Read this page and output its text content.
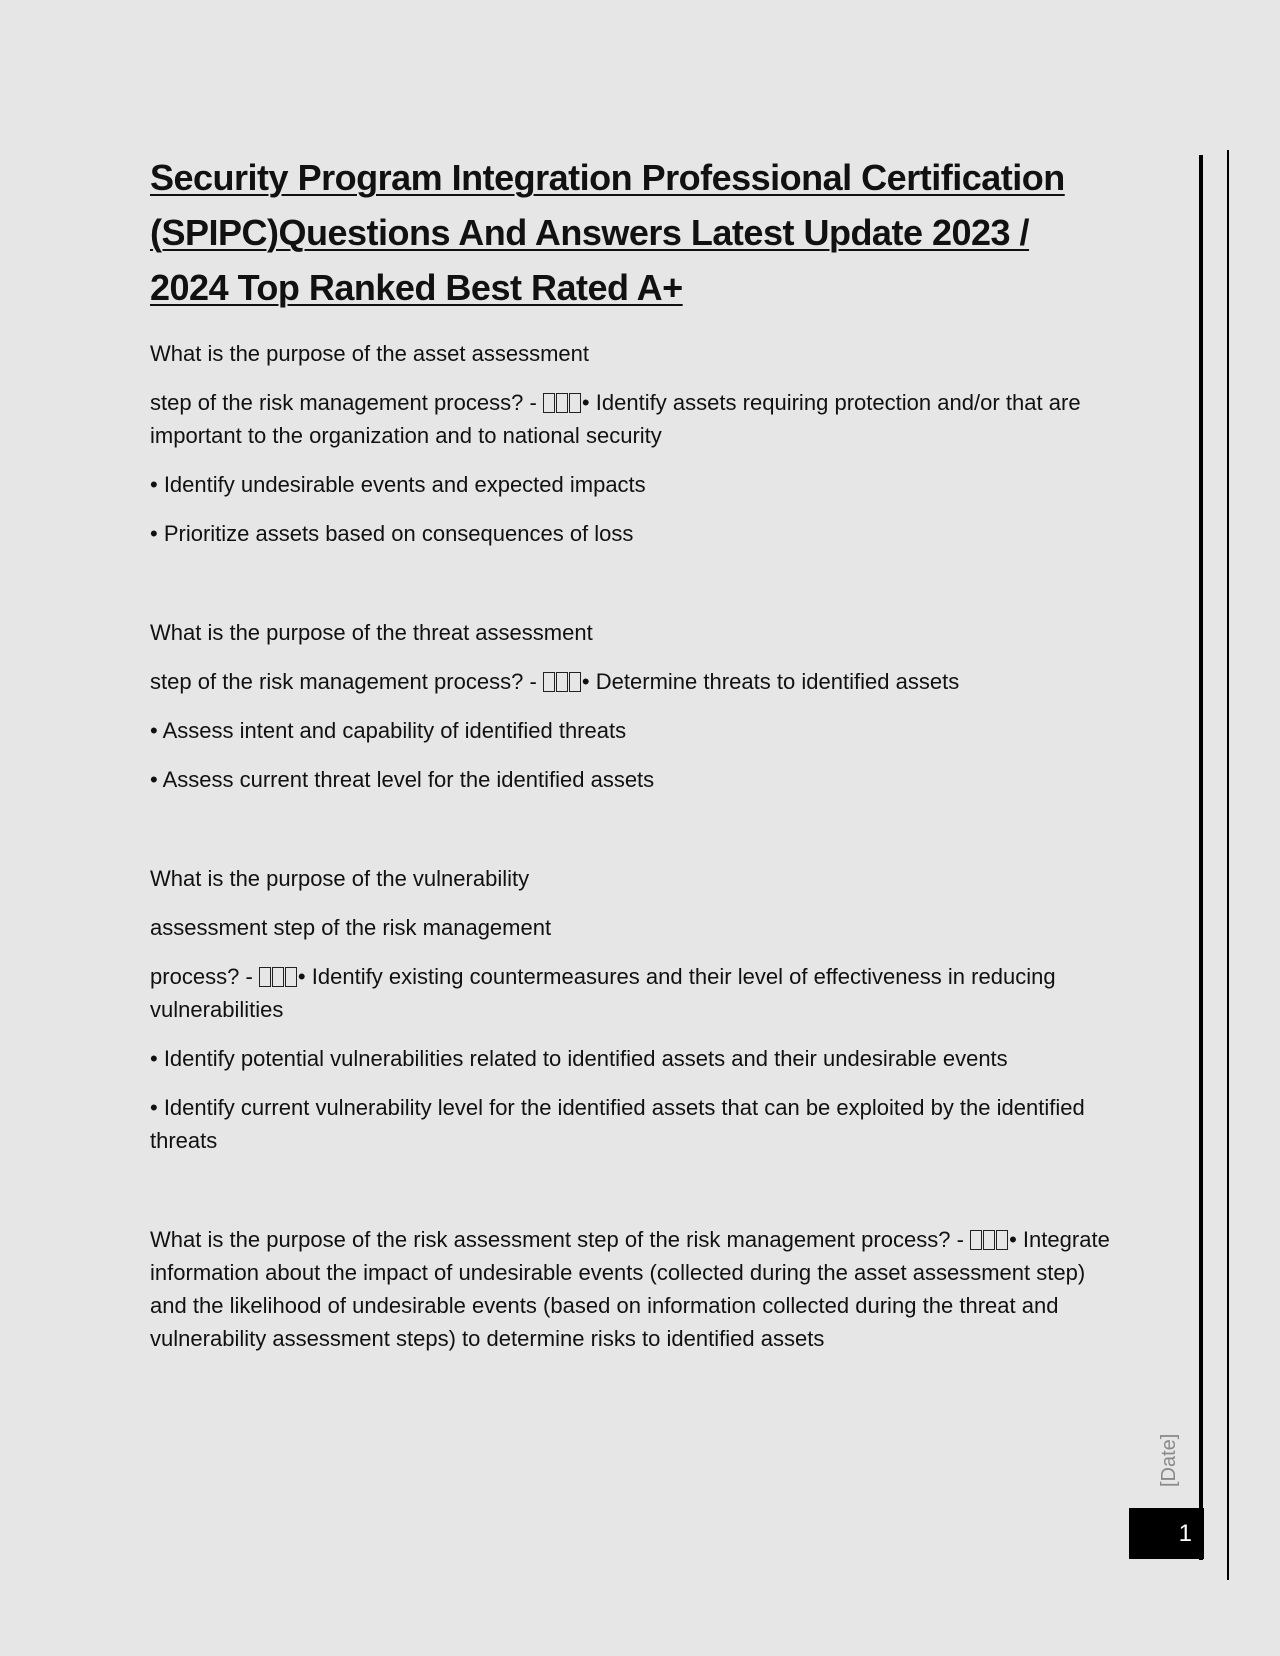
Security Program Integration Professional Certification
(SPIPC)Questions And Answers Latest Update 2023 /
2024 Top Ranked Best Rated A+

What is the purpose of the asset assessment

step of the risk management process? - • Identify assets requiring protection and/or that are important to the organization and to national security

• Identify undesirable events and expected impacts

• Prioritize assets based on consequences of loss

What is the purpose of the threat assessment

step of the risk management process? - • Determine threats to identified assets

• Assess intent and capability of identified threats

• Assess current threat level for the identified assets

What is the purpose of the vulnerability

assessment step of the risk management

process? - • Identify existing countermeasures and their level of effectiveness in reducing vulnerabilities

• Identify potential vulnerabilities related to identified assets and their undesirable events

• Identify current vulnerability level for the identified assets that can be exploited by the identified threats

What is the purpose of the risk assessment step of the risk management process? - • Integrate information about the impact of undesirable events (collected during the asset assessment step) and the likelihood of undesirable events (based on information collected during the threat and vulnerability assessment steps) to determine risks to identified assets

[Date]
1
